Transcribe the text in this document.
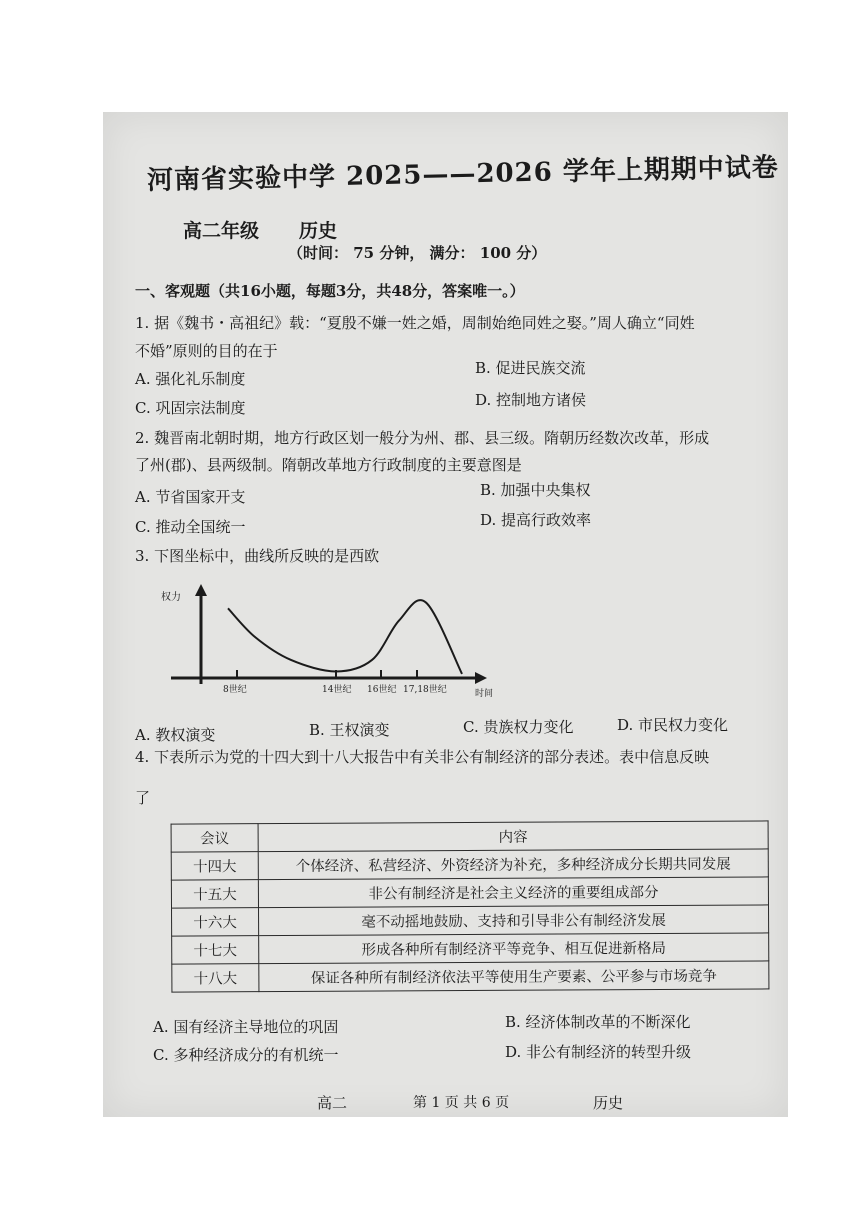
河南省实验中学 2025——2026 学年上期期中试卷
高二年级 历史
（时间： 75 分钟， 满分： 100 分）
一、客观题（共16小题，每题3分，共48分，答案唯一。）
1. 据《魏书・高祖纪》载：“夏殷不嫌一姓之婚，周制始绝同姓之娶。”周人确立“同姓
不婚”原则的目的在于
A. 强化礼乐制度
B. 促进民族交流
C. 巩固宗法制度	D. 控制地方诸侯
2. 魏晋南北朝时期，地方行政区划一般分为州、郡、县三级。隋朝历经数次改革，形成
了州(郡)、县两级制。隋朝改革地方行政制度的主要意图是
A. 节省国家开支	B. 加强中央集权
C. 推动全国统一	D. 提高行政效率
3. 下图坐标中，曲线所反映的是西欧
8世纪	14世纪 16世纪 17,18世纪
权力
时间
A. 教权演变	B. 王权演变	C. 贵族权力变化	D. 市民权力变化
4. 下表所示为党的十四大到十八大报告中有关非公有制经济的部分表述。表中信息反映
了
会议	内容
十四大	个体经济、私营经济、外资经济为补充，多种经济成分长期共同发展
十五大	非公有制经济是社会主义经济的重要组成部分
十六大	毫不动摇地鼓励、支持和引导非公有制经济发展
十七大	形成各种所有制经济平等竞争、相互促进新格局
十八大	保证各种所有制经济依法平等使用生产要素、公平参与市场竞争
A. 国有经济主导地位的巩固	B. 经济体制改革的不断深化
C. 多种经济成分的有机统一	D. 非公有制经济的转型升级
高二	第 1 页 共 6 页	历史
